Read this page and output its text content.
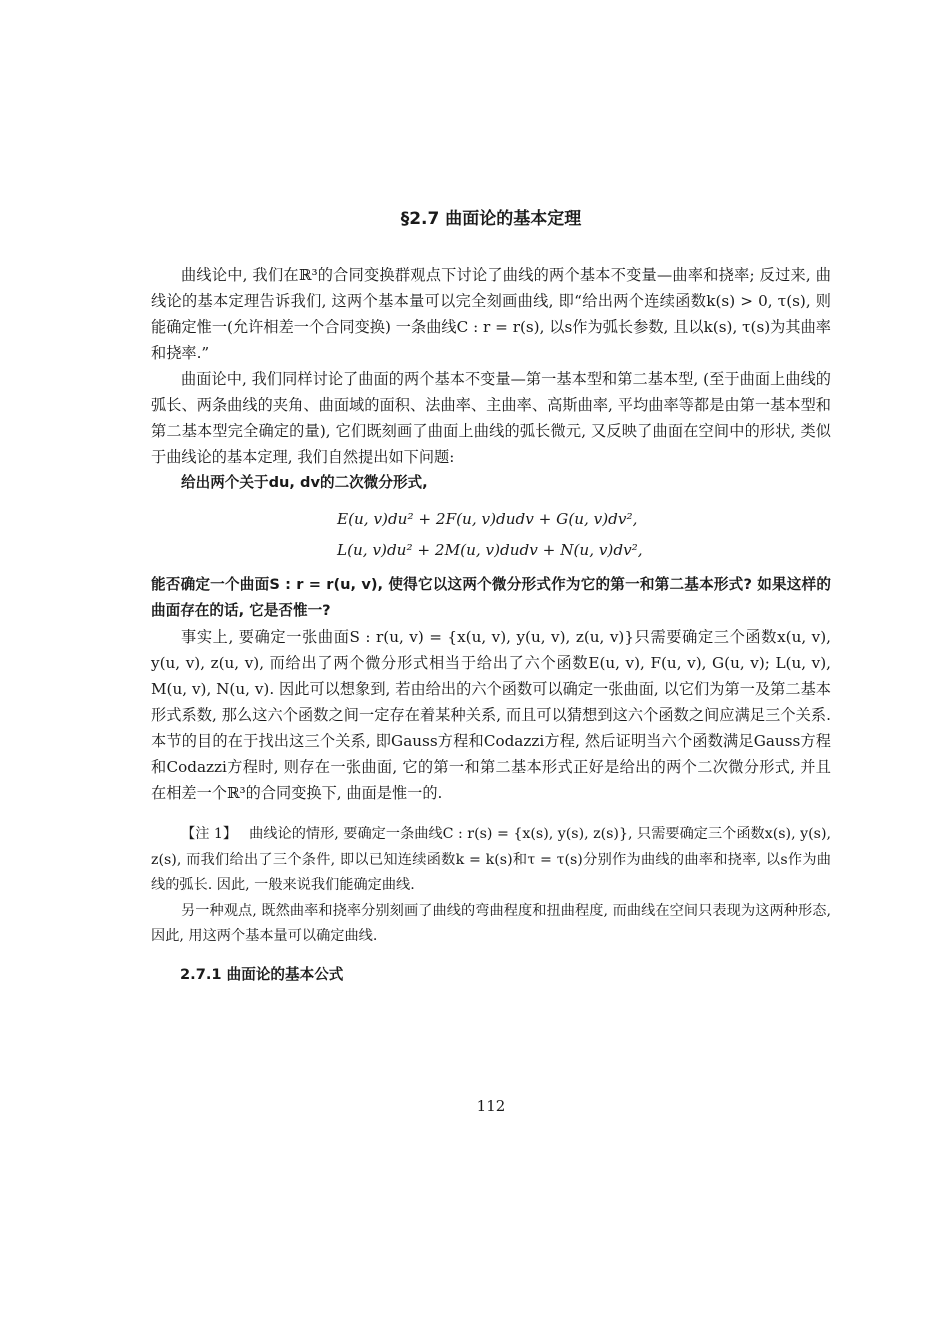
§2.7 曲面论的基本定理

曲线论中, 我们在ℝ³的合同变换群观点下讨论了曲线的两个基本不变量—曲率和挠率; 反过来, 曲线论的基本定理告诉我们, 这两个基本量可以完全刻画曲线, 即“给出两个连续函数k(s) > 0, τ(s), 则能确定惟一(允许相差一个合同变换) 一条曲线C : r = r(s), 以s作为弧长参数, 且以k(s), τ(s)为其曲率和挠率.”

曲面论中, 我们同样讨论了曲面的两个基本不变量—第一基本型和第二基本型, (至于曲面上曲线的弧长、两条曲线的夹角、曲面域的面积、法曲率、主曲率、高斯曲率, 平均曲率等都是由第一基本型和第二基本型完全确定的量), 它们既刻画了曲面上曲线的弧长微元, 又反映了曲面在空间中的形状, 类似于曲线论的基本定理, 我们自然提出如下问题:

给出两个关于du, dv的二次微分形式,

E(u, v)du² + 2F(u, v)dudv + G(u, v)dv²,
L(u, v)du² + 2M(u, v)dudv + N(u, v)dv²,

能否确定一个曲面S : r = r(u, v), 使得它以这两个微分形式作为它的第一和第二基本形式? 如果这样的曲面存在的话, 它是否惟一?

事实上, 要确定一张曲面S : r(u, v) = {x(u, v), y(u, v), z(u, v)}只需要确定三个函数x(u, v), y(u, v), z(u, v), 而给出了两个微分形式相当于给出了六个函数E(u, v), F(u, v), G(u, v); L(u, v), M(u, v), N(u, v). 因此可以想象到, 若由给出的六个函数可以确定一张曲面, 以它们为第一及第二基本形式系数, 那么这六个函数之间一定存在着某种关系, 而且可以猜想到这六个函数之间应满足三个关系. 本节的目的在于找出这三个关系, 即Gauss方程和Codazzi方程, 然后证明当六个函数满足Gauss方程和Codazzi方程时, 则存在一张曲面, 它的第一和第二基本形式正好是给出的两个二次微分形式, 并且在相差一个ℝ³的合同变换下, 曲面是惟一的.

【注 1】 曲线论的情形, 要确定一条曲线C : r(s) = {x(s), y(s), z(s)}, 只需要确定三个函数x(s), y(s), z(s), 而我们给出了三个条件, 即以已知连续函数k = k(s)和τ = τ(s)分别作为曲线的曲率和挠率, 以s作为曲线的弧长. 因此, 一般来说我们能确定曲线.

另一种观点, 既然曲率和挠率分别刻画了曲线的弯曲程度和扭曲程度, 而曲线在空间只表现为这两种形态, 因此, 用这两个基本量可以确定曲线.

2.7.1 曲面论的基本公式
112
